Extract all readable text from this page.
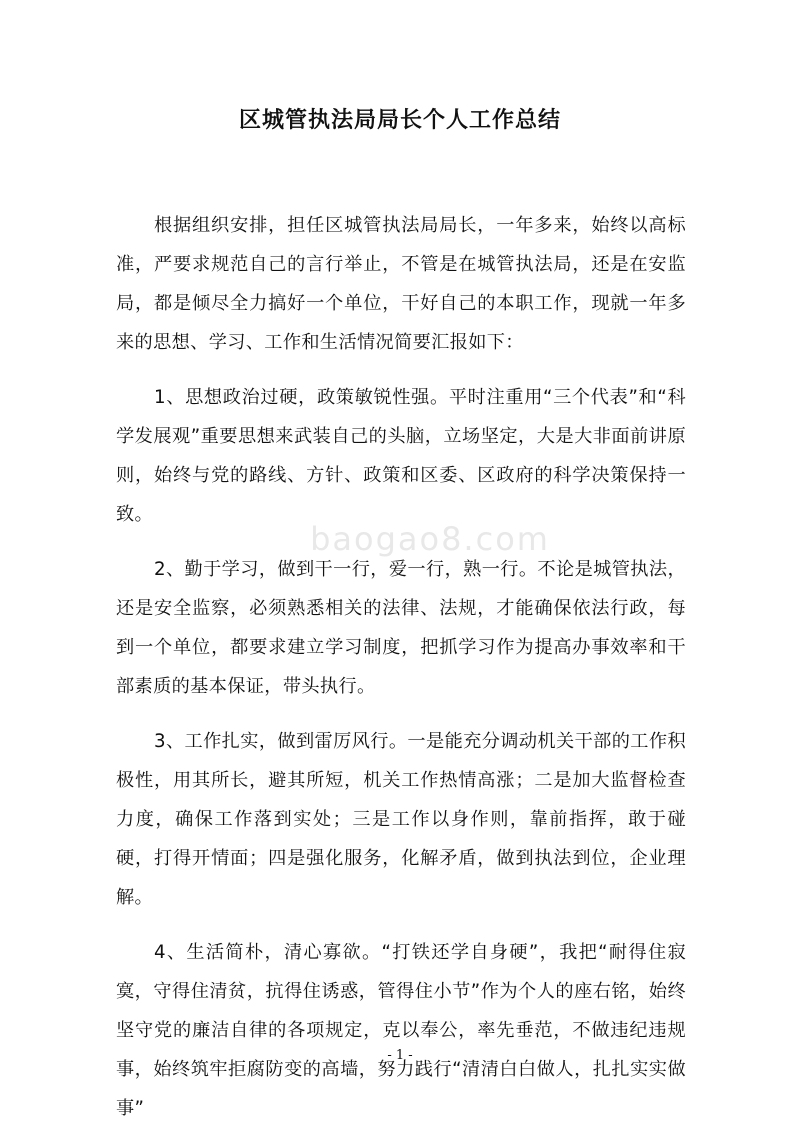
区城管执法局局长个人工作总结

根据组织安排，担任区城管执法局局长，一年多来，始终以高标准，严要求规范自己的言行举止，不管是在城管执法局，还是在安监局，都是倾尽全力搞好一个单位，干好自己的本职工作，现就一年多来的思想、学习、工作和生活情况简要汇报如下：

1、思想政治过硬，政策敏锐性强。平时注重用“三个代表”和“科学发展观”重要思想来武装自己的头脑，立场坚定，大是大非面前讲原则，始终与党的路线、方针、政策和区委、区政府的科学决策保持一致。

2、勤于学习，做到干一行，爱一行，熟一行。不论是城管执法，还是安全监察，必须熟悉相关的法律、法规，才能确保依法行政，每到一个单位，都要求建立学习制度，把抓学习作为提高办事效率和干部素质的基本保证，带头执行。

3、工作扎实，做到雷厉风行。一是能充分调动机关干部的工作积极性，用其所长，避其所短，机关工作热情高涨；二是加大监督检查力度，确保工作落到实处；三是工作以身作则，靠前指挥，敢于碰硬，打得开情面；四是强化服务，化解矛盾，做到执法到位，企业理解。

4、生活简朴，清心寡欲。“打铁还学自身硬”，我把“耐得住寂寞，守得住清贫，抗得住诱惑，管得住小节”作为个人的座右铭，始终坚守党的廉洁自律的各项规定，克以奉公，率先垂范，不做违纪违规事，始终筑牢拒腐防变的高墙，努力践行“清清白白做人，扎扎实实做事”

baogao8.com
- 1 -
